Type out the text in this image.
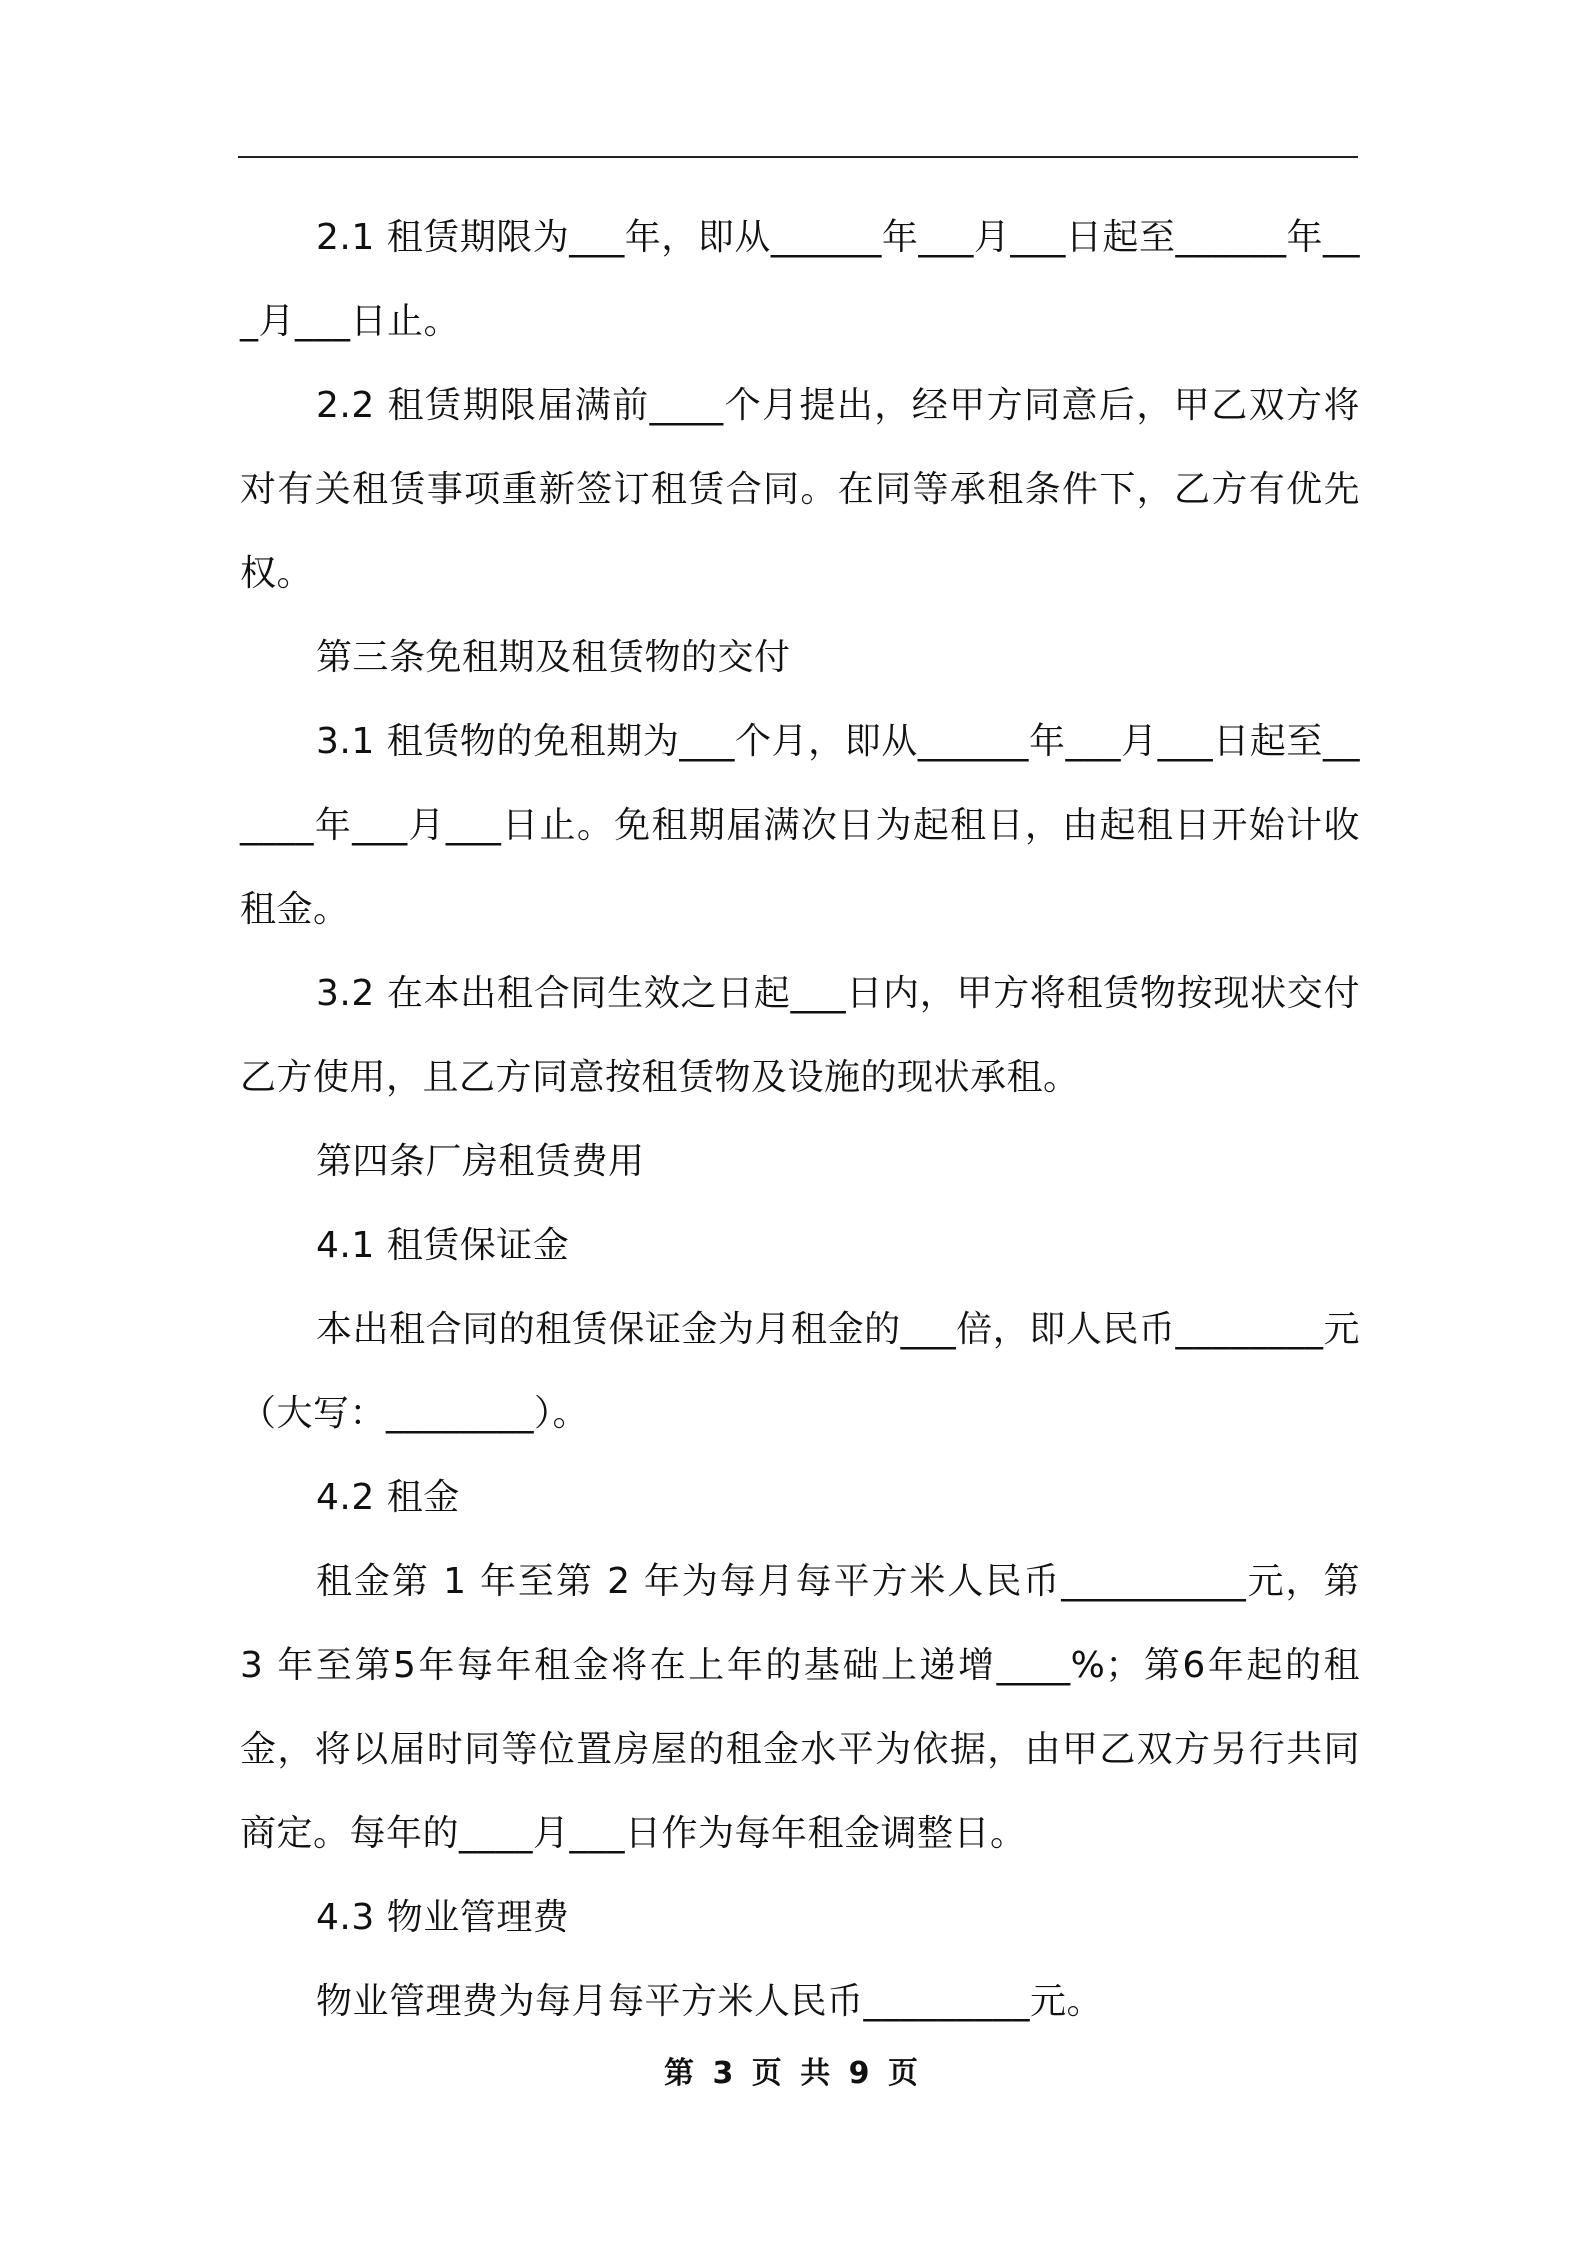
2.1 租赁期限为___年，即从______年___月___日起至______年___月___日止。

2.2 租赁期限届满前____个月提出，经甲方同意后，甲乙双方将对有关租赁事项重新签订租赁合同。在同等承租条件下，乙方有优先权。

第三条免租期及租赁物的交付

3.1 租赁物的免租期为___个月，即从______年___月___日起至______年___月___日止。免租期届满次日为起租日，由起租日开始计收租金。

3.2 在本出租合同生效之日起___日内，甲方将租赁物按现状交付乙方使用，且乙方同意按租赁物及设施的现状承租。

第四条厂房租赁费用

4.1 租赁保证金

本出租合同的租赁保证金为月租金的___倍，即人民币________元（大写：________）。

4.2 租金

租金第 1 年至第 2 年为每月每平方米人民币__________元，第 3 年至第5年每年租金将在上年的基础上递增____%；第6年起的租金，将以届时同等位置房屋的租金水平为依据，由甲乙双方另行共同商定。每年的____月___日作为每年租金调整日。

4.3 物业管理费

物业管理费为每月每平方米人民币_________元。

第 3 页 共 9 页
